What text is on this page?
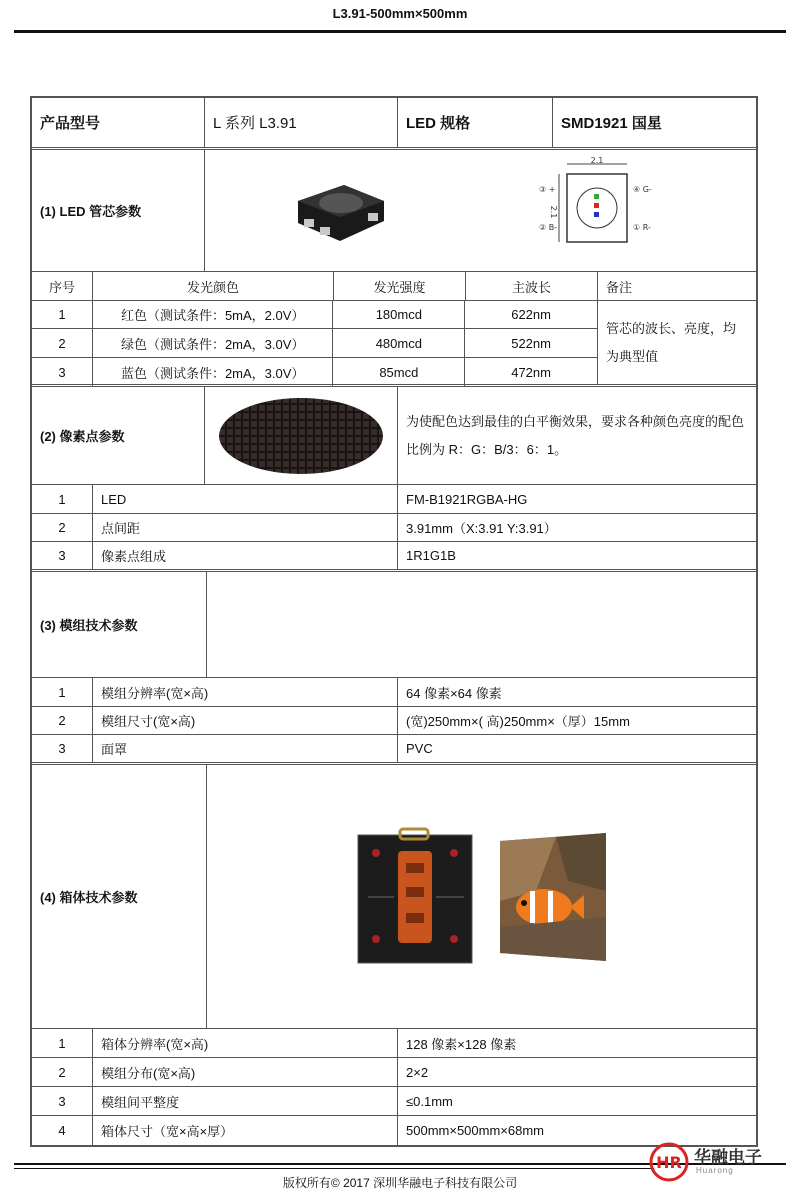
L3.91-500mm×500mm
产品型号	L 系列 L3.91	LED 规格	SMD1921 国星
(1) LED 管芯参数
2.1
2.1
③ +
② B-
④ G-
① R-
序号	发光颜色	发光强度	主波长	备注
1	红色（测试条件：5mA，2.0V）	180mcd	622nm
2	绿色（测试条件：2mA，3.0V）	480mcd	522nm
3	蓝色（测试条件：2mA，3.0V）	85mcd	472nm
管芯的波长、亮度，均为典型值
(2) 像素点参数
为使配色达到最佳的白平衡效果，要求各种颜色亮度的配色比例为 R：G：B/3：6：1。
1	LED	FM-B1921RGBA-HG
2	点间距	3.91mm（X:3.91 Y:3.91）
3	像素点组成	1R1G1B
(3) 模组技术参数
1	模组分辨率(宽×高)	64 像素×64 像素
2	模组尺寸(宽×高)	(宽)250mm×( 高)250mm×（厚）15mm
3	面罩	PVC
(4) 箱体技术参数
1	箱体分辨率(宽×高)	128 像素×128 像素
2	模组分布(宽×高)	2×2
3	模组间平整度	≤0.1mm
4	箱体尺寸（宽×高×厚）	500mm×500mm×68mm
版权所有© 2017 深圳华融电子科技有限公司
HR 华融电子
Huarong
